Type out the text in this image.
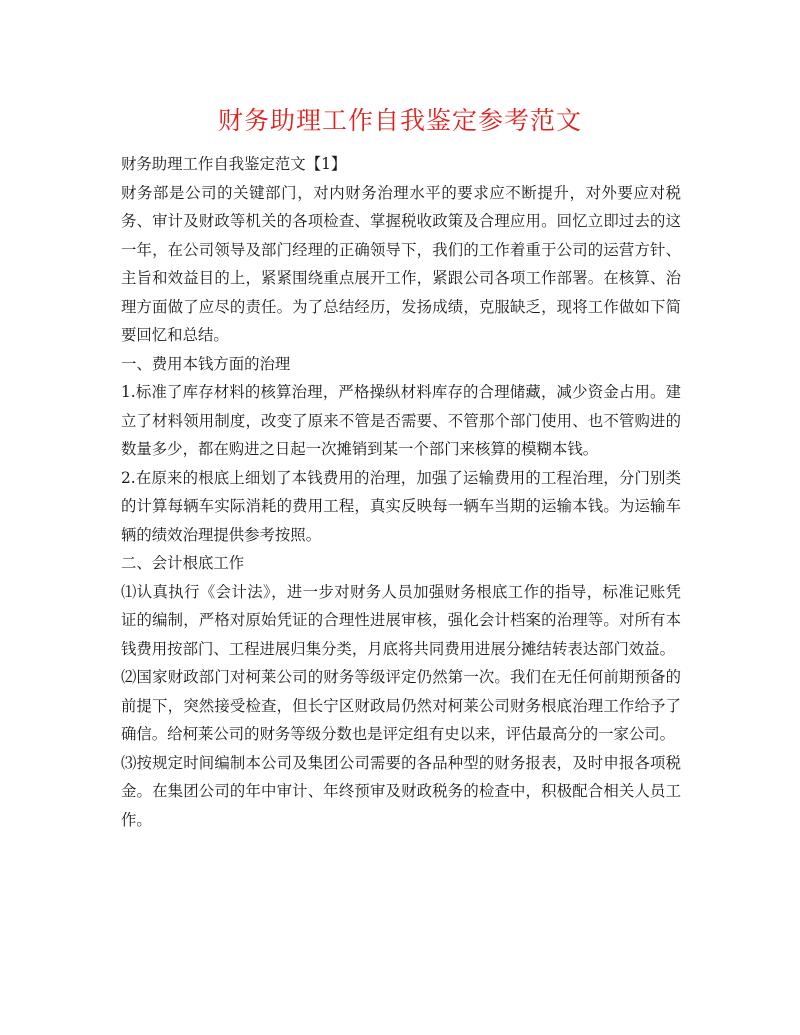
财务助理工作自我鉴定参考范文

财务助理工作自我鉴定范文【1】

财务部是公司的关键部门，对内财务治理水平的要求应不断提升，对外要应对税务、审计及财政等机关的各项检查、掌握税收政策及合理应用。回忆立即过去的这一年，在公司领导及部门经理的正确领导下，我们的工作着重于公司的运营方针、主旨和效益目的上，紧紧围绕重点展开工作，紧跟公司各项工作部署。在核算、治理方面做了应尽的责任。为了总结经历，发扬成绩，克服缺乏，现将工作做如下简要回忆和总结。

一、费用本钱方面的治理

1.标准了库存材料的核算治理，严格操纵材料库存的合理储藏，减少资金占用。建立了材料领用制度，改变了原来不管是否需要、不管那个部门使用、也不管购进的数量多少，都在购进之日起一次摊销到某一个部门来核算的模糊本钱。

2.在原来的根底上细划了本钱费用的治理，加强了运输费用的工程治理，分门别类的计算每辆车实际消耗的费用工程，真实反映每一辆车当期的运输本钱。为运输车辆的绩效治理提供参考按照。

二、会计根底工作

⑴认真执行《会计法》，进一步对财务人员加强财务根底工作的指导，标准记账凭证的编制，严格对原始凭证的合理性进展审核，强化会计档案的治理等。对所有本钱费用按部门、工程进展归集分类，月底将共同费用进展分摊结转表达部门效益。

⑵国家财政部门对柯莱公司的财务等级评定仍然第一次。我们在无任何前期预备的前提下，突然接受检查，但长宁区财政局仍然对柯莱公司财务根底治理工作给予了确信。给柯莱公司的财务等级分数也是评定组有史以来，评估最高分的一家公司。

⑶按规定时间编制本公司及集团公司需要的各品种型的财务报表，及时申报各项税金。在集团公司的年中审计、年终预审及财政税务的检查中，积极配合相关人员工作。
